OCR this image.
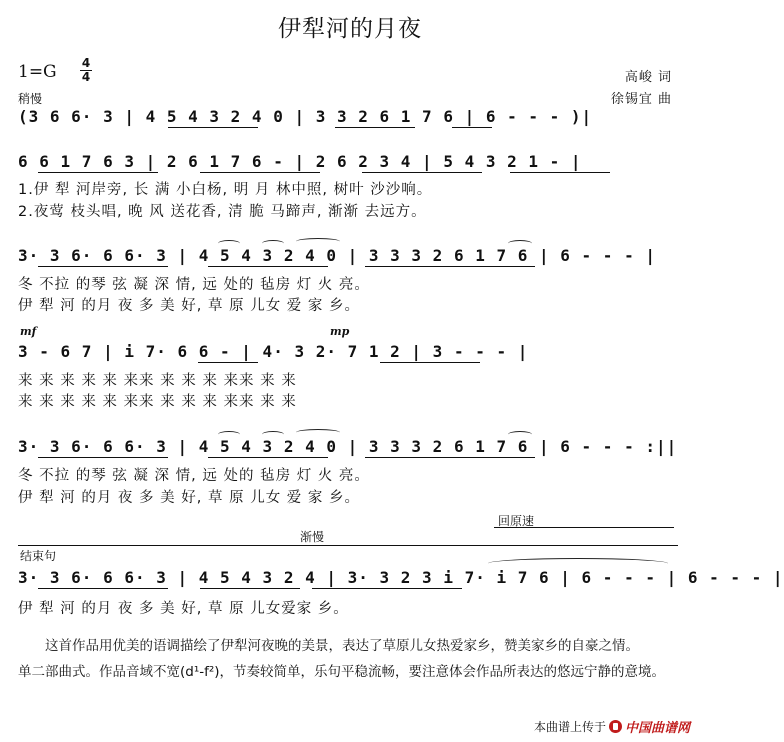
伊犁河的月夜
1=G 4
4
稍慢
高峻 词
徐锡宜 曲
(3 6 6· 3 | 4 5 4 3 2 4 0 | 3 3 2 6 1 7 6 | 6 - - - )|
6 6 1 7 6 3 | 2 6 1 7 6 - | 2 6 2 3 4 | 5 4 3 2 1 - |
1.伊 犁 河岸旁, 长 满 小白杨, 明 月 林中照, 树叶 沙沙响。
2.夜莺 枝头唱, 晚 风 送花香, 清 脆 马蹄声, 渐渐 去远方。
3· 3 6· 6 6· 3 | 4 5 4 3 2 4 0 | 3 3 3 2 6 1 7 6 | 6 - - - |
冬 不拉 的琴 弦 凝 深 情, 远 处的 毡房 灯 火 亮。
伊 犁 河 的月 夜 多 美 好, 草 原 儿女 爱 家 乡。
mf	mp
3 - 6 7 | i 7· 6 6 - | 4· 3 2· 7 1 2 | 3 - - - |
来 来 来 来 来 来来 来 来 来 来来 来 来
来 来 来 来 来 来来 来 来 来 来来 来 来
3· 3 6· 6 6· 3 | 4 5 4 3 2 4 0 | 3 3 3 2 6 1 7 6 | 6 - - - :||
冬 不拉 的琴 弦 凝 深 情, 远 处的 毡房 灯 火 亮。
伊 犁 河 的月 夜 多 美 好, 草 原 儿女 爱 家 乡。
回原速
渐慢
结束句
3· 3 6· 6 6· 3 | 4 5 4 3 2 4 | 3· 3 2 3 i 7· i 7 6 | 6 - - - | 6 - - - |
伊 犁 河 的月 夜 多 美 好, 草 原 儿女爱家 乡。

这首作品用优美的语调描绘了伊犁河夜晚的美景，表达了草原儿女热爱家乡，赞美家乡的自豪之情。

单二部曲式。作品音域不宽(d¹-f²)，节奏较简单，乐句平稳流畅，要注意体会作品所表达的悠远宁静的意境。

本曲谱上传于 中国曲谱网
